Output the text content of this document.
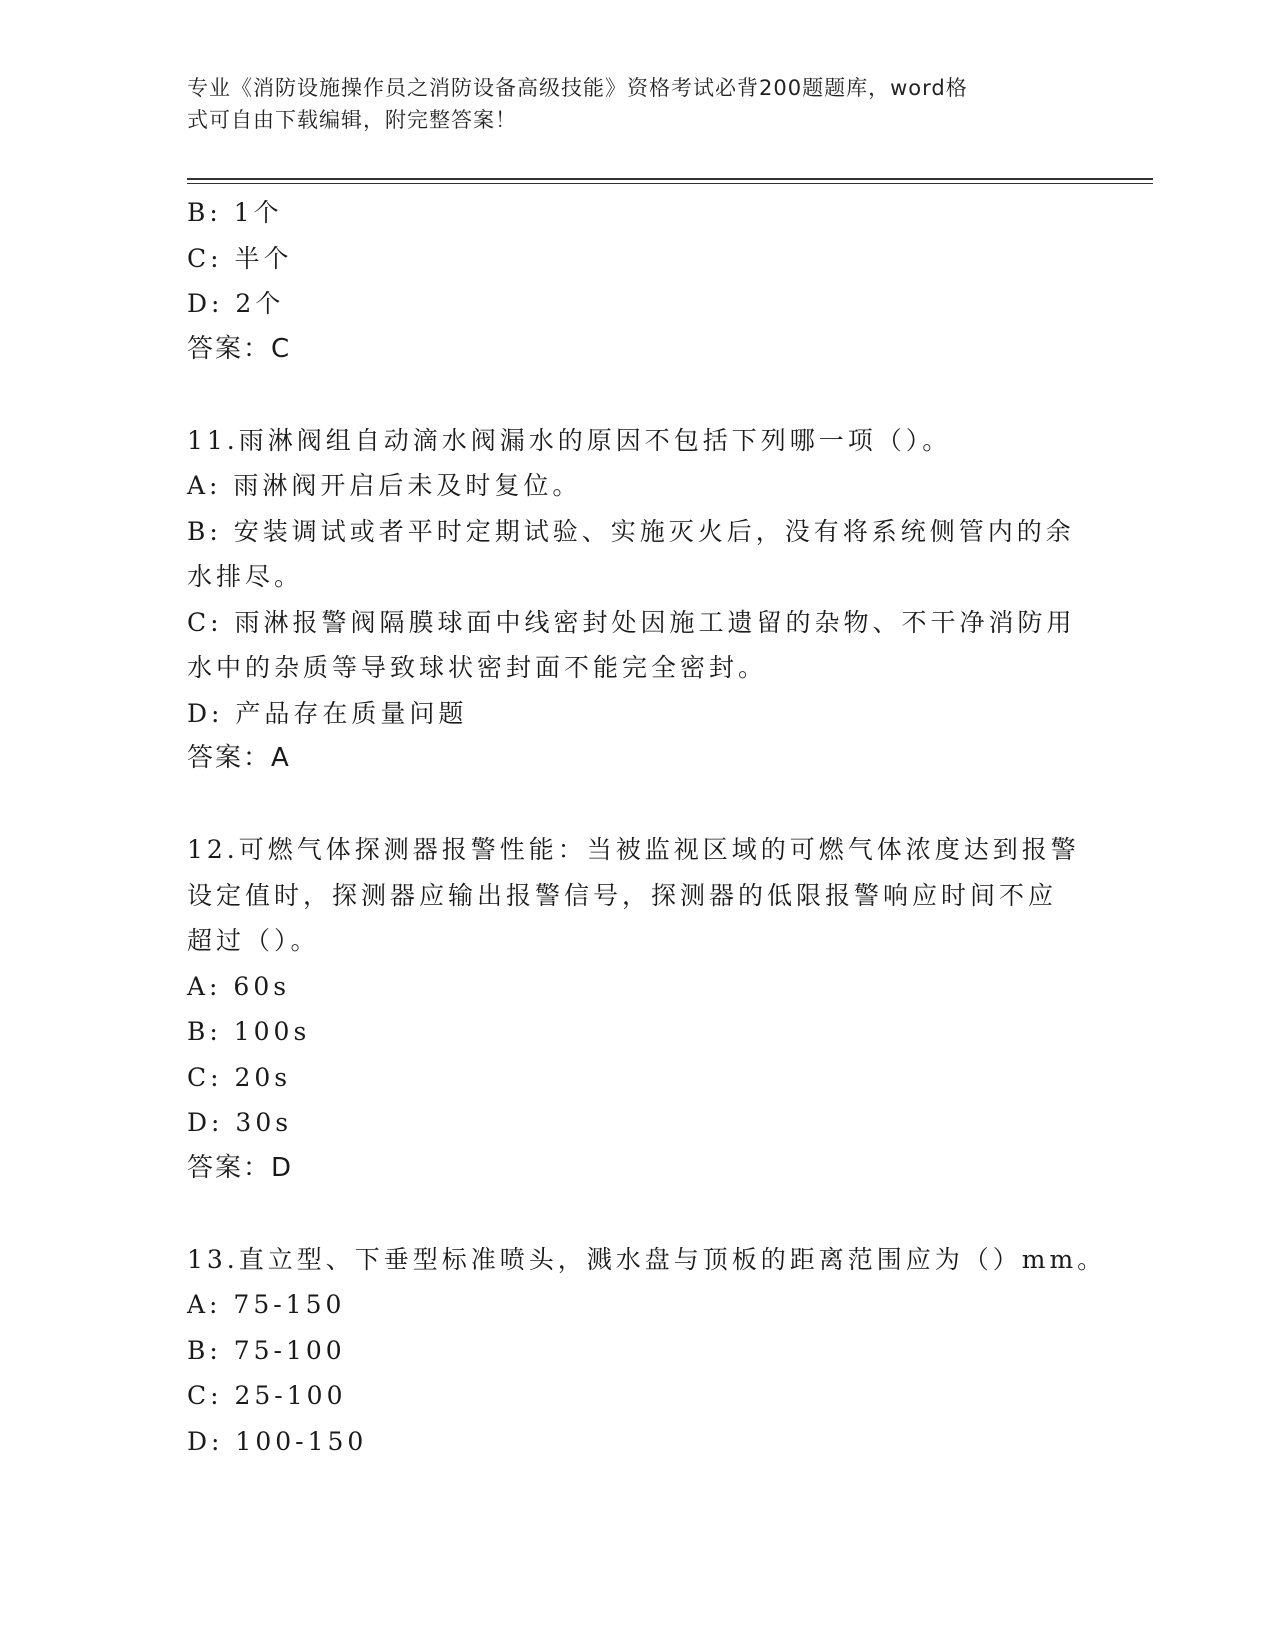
专业《消防设施操作员之消防设备高级技能》资格考试必背200题题库，word格
式可自由下载编辑，附完整答案！
B: 1个
C: 半个
D: 2个
答案：C
11.雨淋阀组自动滴水阀漏水的原因不包括下列哪一项（）。
A: 雨淋阀开启后未及时复位。
B: 安装调试或者平时定期试验、实施灭火后，没有将系统侧管内的余
水排尽。
C: 雨淋报警阀隔膜球面中线密封处因施工遗留的杂物、不干净消防用
水中的杂质等导致球状密封面不能完全密封。
D: 产品存在质量问题
答案：A
12.可燃气体探测器报警性能：当被监视区域的可燃气体浓度达到报警
设定值时，探测器应输出报警信号，探测器的低限报警响应时间不应
超过（）。
A: 60s
B: 100s
C: 20s
D: 30s
答案：D
13.直立型、下垂型标准喷头，溅水盘与顶板的距离范围应为（）mm。
A: 75-150
B: 75-100
C: 25-100
D: 100-150
